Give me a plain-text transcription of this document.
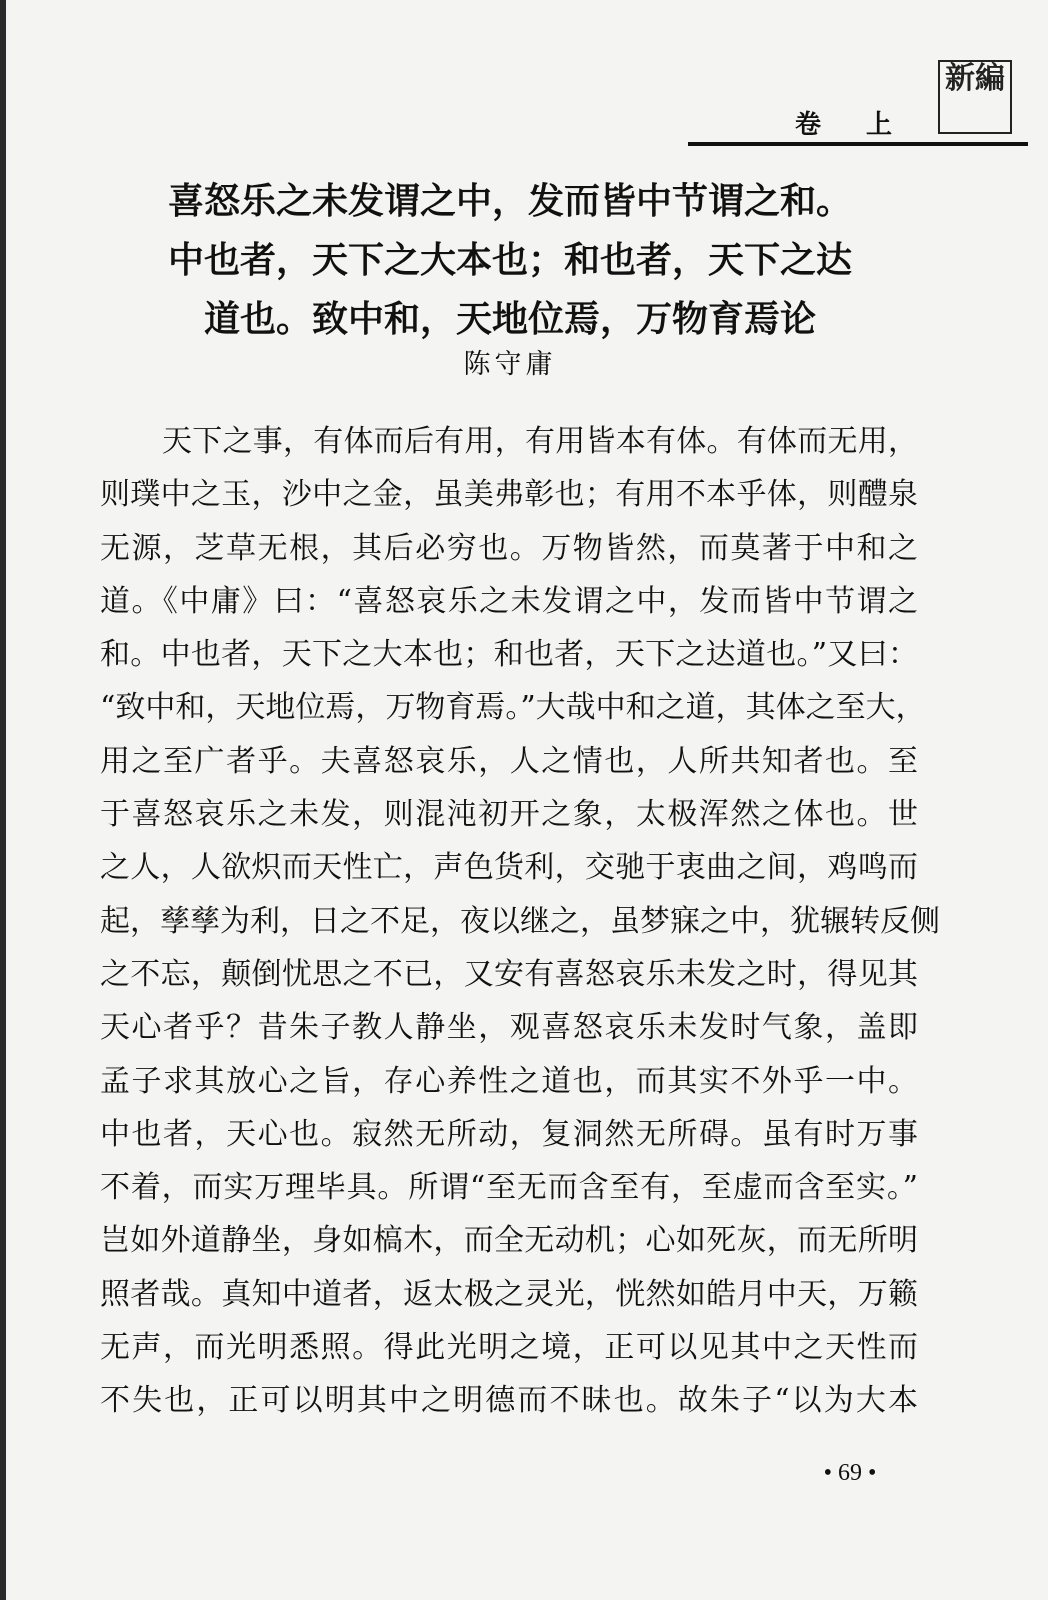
新編
卷 上
喜怒乐之未发谓之中，发而皆中节谓之和。
中也者，天下之大本也；和也者，天下之达
道也。致中和，天地位焉，万物育焉论
陈守庸
天下之事，有体而后有用，有用皆本有体。有体而无用，
则璞中之玉，沙中之金，虽美弗彰也；有用不本乎体，则醴泉
无源，芝草无根，其后必穷也。万物皆然，而莫著于中和之
道。《中庸》曰：“喜怒哀乐之未发谓之中，发而皆中节谓之
和。中也者，天下之大本也；和也者，天下之达道也。”又曰：
“致中和，天地位焉，万物育焉。”大哉中和之道，其体之至大，
用之至广者乎。夫喜怒哀乐，人之情也，人所共知者也。至
于喜怒哀乐之未发，则混沌初开之象，太极浑然之体也。世
之人，人欲炽而天性亡，声色货利，交驰于衷曲之间，鸡鸣而
起，孳孳为利，日之不足，夜以继之，虽梦寐之中，犹辗转反侧
之不忘，颠倒忧思之不已，又安有喜怒哀乐未发之时，得见其
天心者乎？昔朱子教人静坐，观喜怒哀乐未发时气象，盖即
孟子求其放心之旨，存心养性之道也，而其实不外乎一中。
中也者，天心也。寂然无所动，复洞然无所碍。虽有时万事
不着，而实万理毕具。所谓“至无而含至有，至虚而含至实。”
岂如外道静坐，身如槁木，而全无动机；心如死灰，而无所明
照者哉。真知中道者，返太极之灵光，恍然如皓月中天，万籁
无声，而光明悉照。得此光明之境，正可以见其中之天性而
不失也，正可以明其中之明德而不昧也。故朱子“以为大本
• 69 •
